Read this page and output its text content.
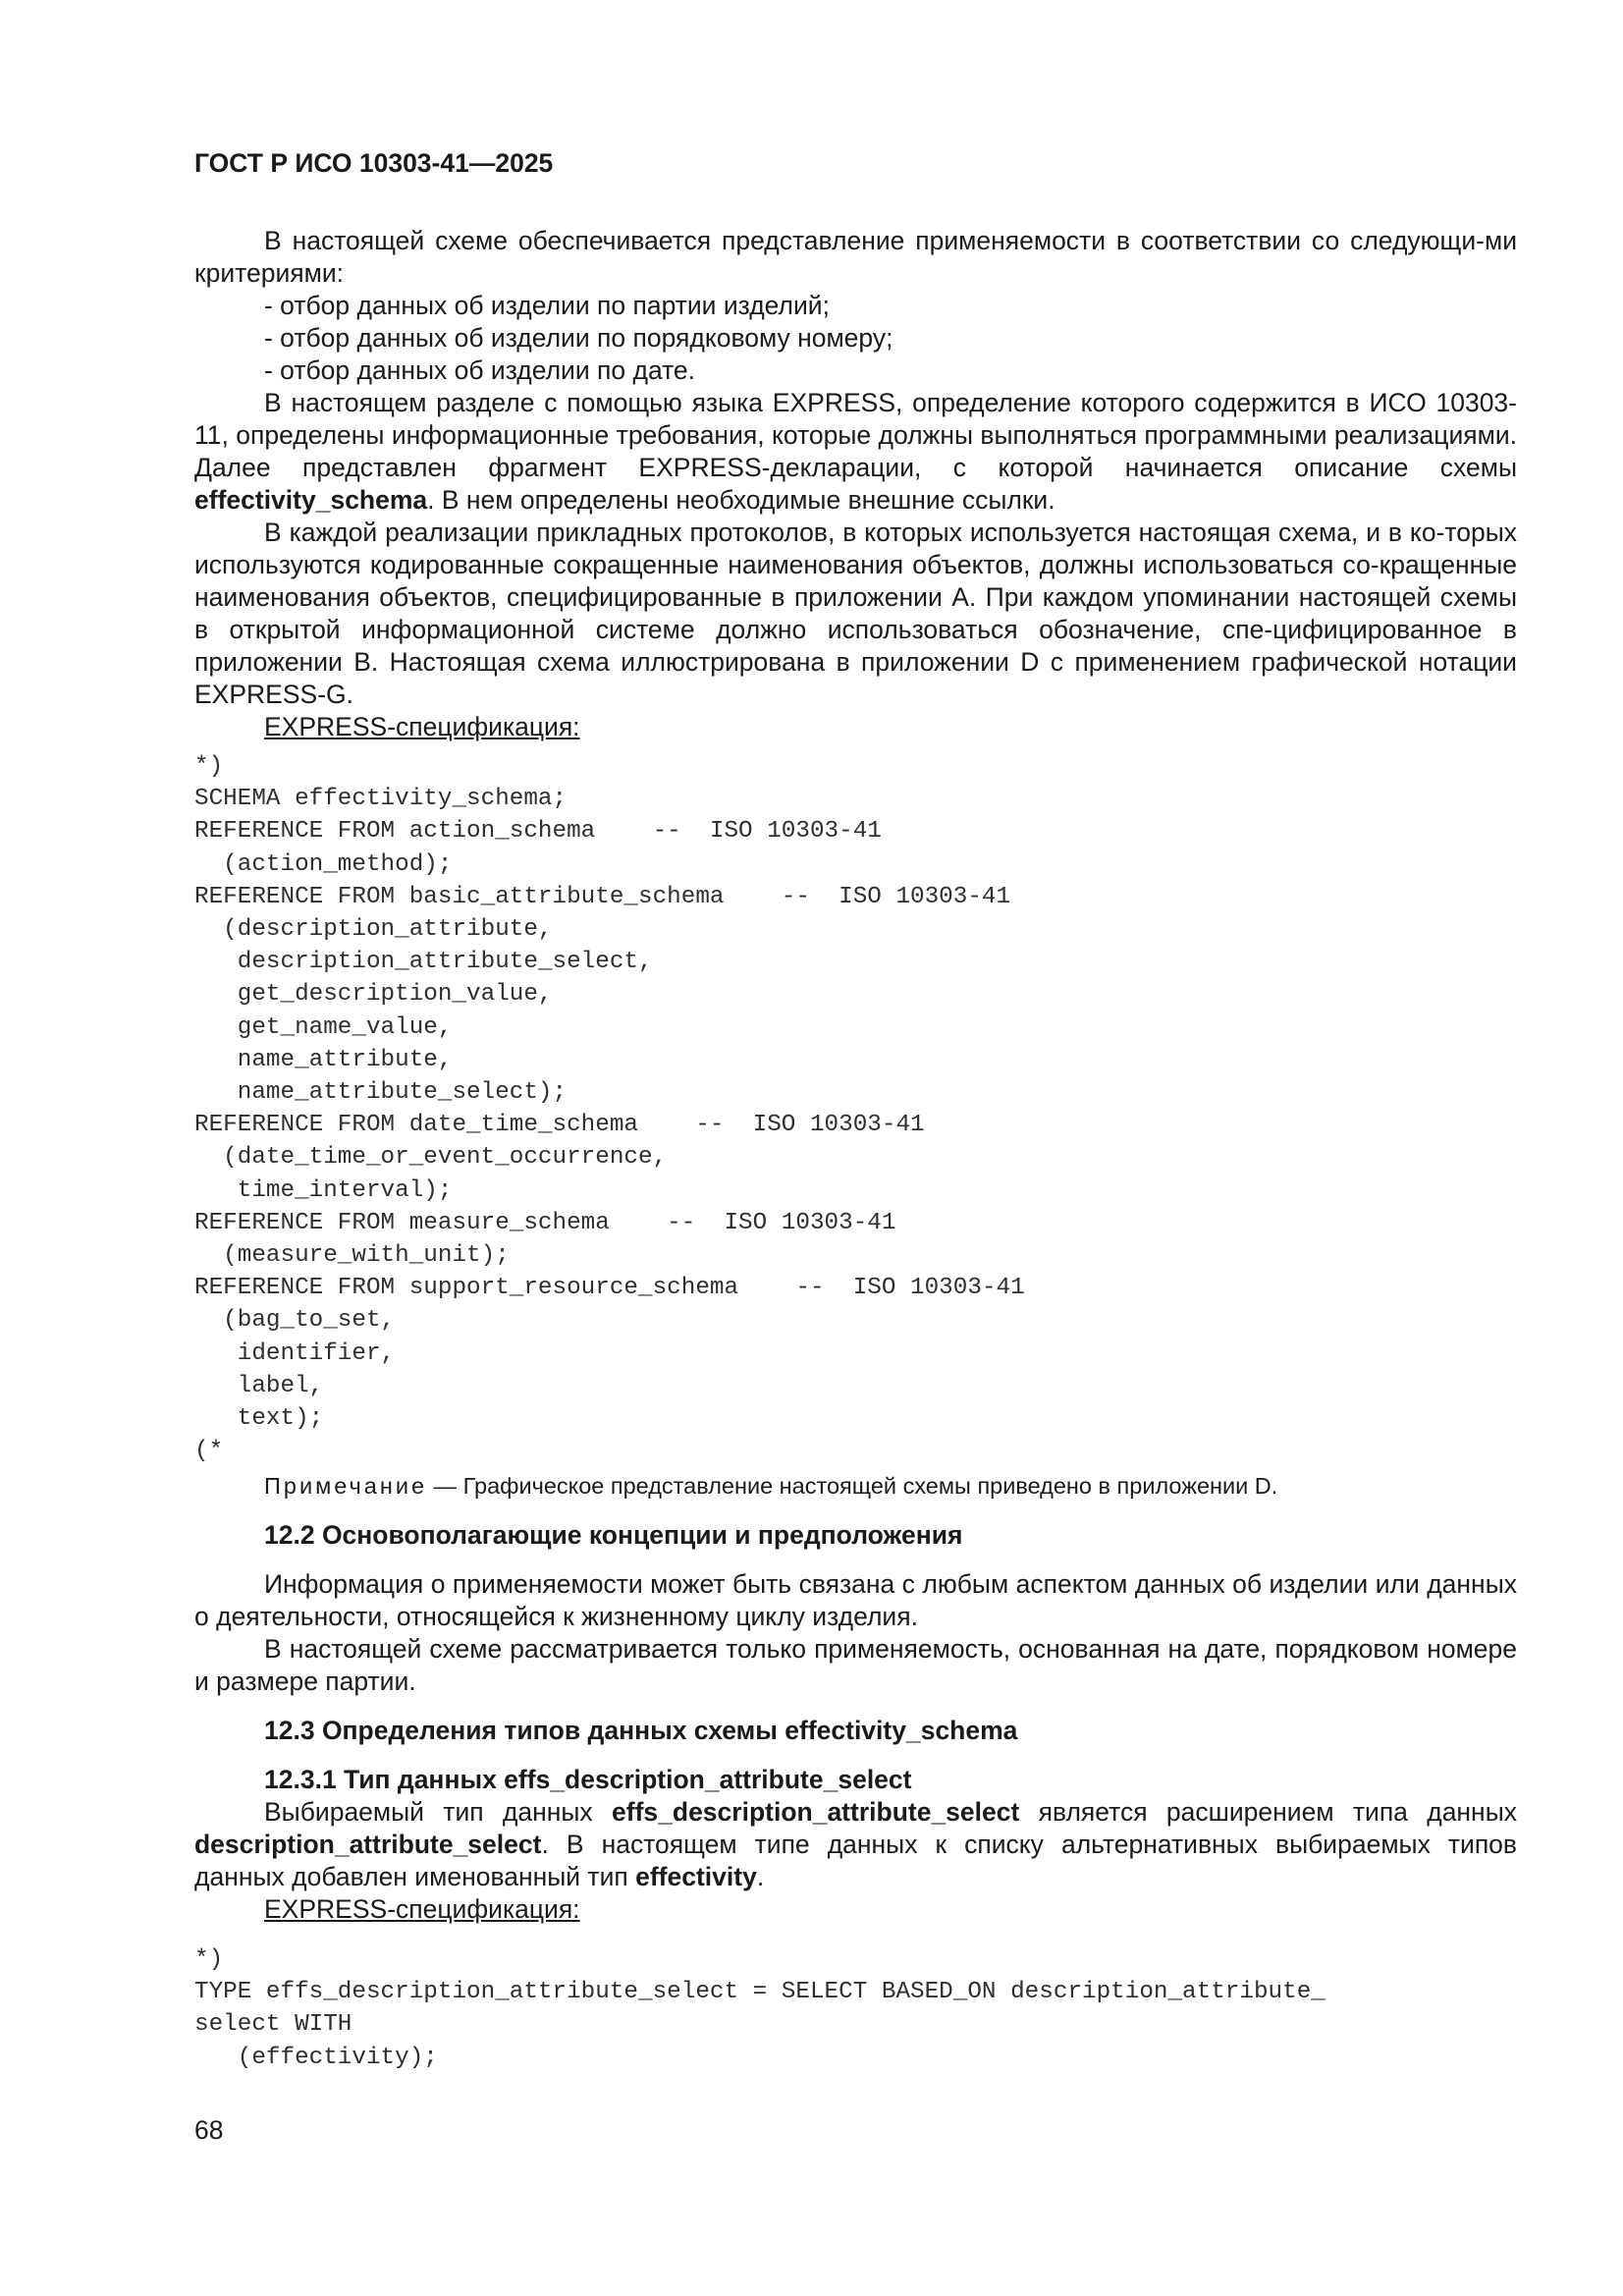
ГОСТ Р ИСО 10303-41—2025

В настоящей схеме обеспечивается представление применяемости в соответствии со следующи-ми критериями:

- отбор данных об изделии по партии изделий;

- отбор данных об изделии по порядковому номеру;

- отбор данных об изделии по дате.

В настоящем разделе с помощью языка EXPRESS, определение которого содержится в ИСО 10303-11, определены информационные требования, которые должны выполняться программными реализациями. Далее представлен фрагмент EXPRESS-декларации, с которой начинается описание схемы effectivity_schema. В нем определены необходимые внешние ссылки.

В каждой реализации прикладных протоколов, в которых используется настоящая схема, и в ко-торых используются кодированные сокращенные наименования объектов, должны использоваться со-кращенные наименования объектов, специфицированные в приложении А. При каждом упоминании настоящей схемы в открытой информационной системе должно использоваться обозначение, спе-цифицированное в приложении В. Настоящая схема иллюстрирована в приложении D с применением графической нотации EXPRESS-G.

EXPRESS-спецификация:

*)
SCHEMA effectivity_schema;
REFERENCE FROM action_schema    --  ISO 10303-41
(action_method);
REFERENCE FROM basic_attribute_schema    --  ISO 10303-41
(description_attribute,
description_attribute_select,
get_description_value,
get_name_value,
name_attribute,
name_attribute_select);
REFERENCE FROM date_time_schema    --  ISO 10303-41
(date_time_or_event_occurrence,
time_interval);
REFERENCE FROM measure_schema    --  ISO 10303-41
(measure_with_unit);
REFERENCE FROM support_resource_schema    --  ISO 10303-41
(bag_to_set,
identifier,
label,
text);
(*
Примечание — Графическое представление настоящей схемы приведено в приложении D.

12.2 Основополагающие концепции и предположения

Информация о применяемости может быть связана с любым аспектом данных об изделии или данных о деятельности, относящейся к жизненному циклу изделия.

В настоящей схеме рассматривается только применяемость, основанная на дате, порядковом номере и размере партии.

12.3 Определения типов данных схемы effectivity_schema

12.3.1 Тип данных effs_description_attribute_select

Выбираемый тип данных effs_description_attribute_select является расширением типа данных description_attribute_select. В настоящем типе данных к списку альтернативных выбираемых типов данных добавлен именованный тип effectivity.

EXPRESS-спецификация:

*)
TYPE effs_description_attribute_select = SELECT BASED_ON description_attribute_
select WITH
(effectivity);
68
